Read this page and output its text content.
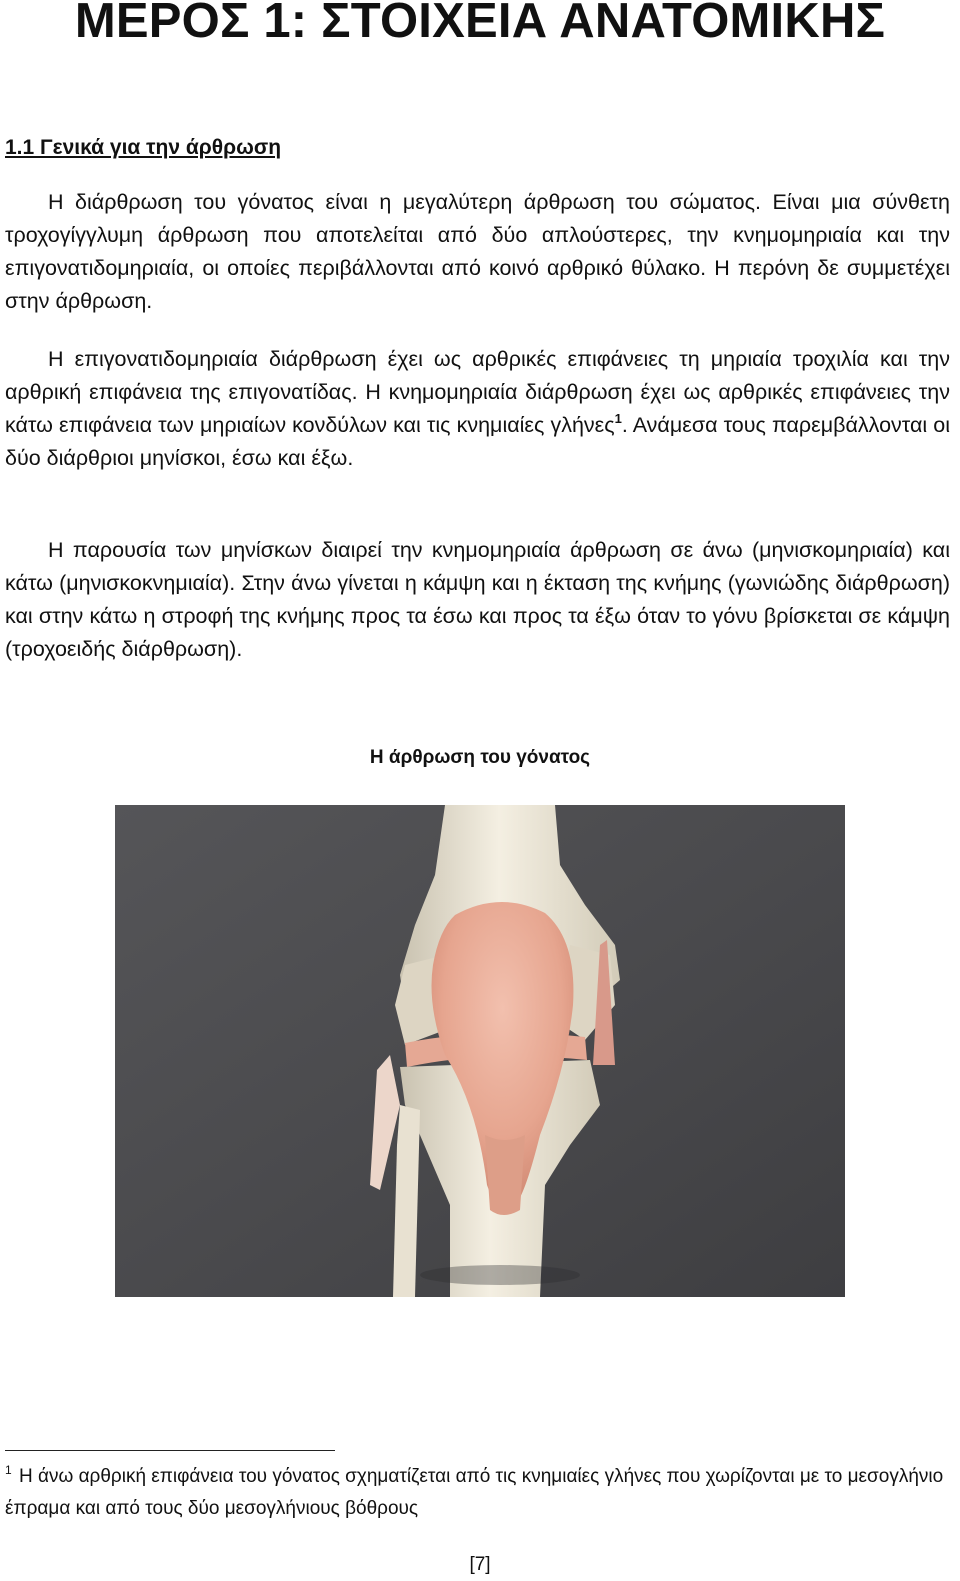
ΜΕΡΟΣ 1: ΣΤΟΙΧΕΙΑ ΑΝΑΤΟΜΙΚΗΣ
1.1 Γενικά για την άρθρωση

Η διάρθρωση του γόνατος είναι η μεγαλύτερη άρθρωση του σώματος. Είναι μια σύνθετη τροχογίγγλυμη άρθρωση που αποτελείται από δύο απλούστερες, την κνημομηριαία και την επιγονατιδομηριαία, οι οποίες περιβάλλονται από κοινό αρθρικό θύλακο. Η περόνη δε συμμετέχει στην άρθρωση.

Η επιγονατιδομηριαία διάρθρωση έχει ως αρθρικές επιφάνειες τη μηριαία τροχιλία και την αρθρική επιφάνεια της επιγονατίδας. Η κνημομηριαία διάρθρωση έχει ως αρθρικές επιφάνειες την κάτω επιφάνεια των μηριαίων κονδύλων και τις κνημιαίες γλήνες$^1$. Ανάμεσα τους παρεμβάλλονται οι δύο διάρθριοι μηνίσκοι, έσω και έξω.

Η παρουσία των μηνίσκων διαιρεί την κνημομηριαία άρθρωση σε άνω (μηνισκομηριαία) και κάτω (μηνισκοκνημιαία). Στην άνω γίνεται η κάμψη και η έκταση της κνήμης (γωνιώδης διάρθρωση) και στην κάτω η στροφή της κνήμης προς τα έσω και προς τα έξω όταν το γόνυ βρίσκεται σε κάμψη (τροχοειδής διάρθρωση).

Η άρθρωση του γόνατος

$^1$ Η άνω αρθρική επιφάνεια του γόνατος σχηματίζεται από τις κνημιαίες γλήνες που χωρίζονται με το μεσογλήνιο έπραμα και από τους δύο μεσογλήνιους βόθρους

[7]
